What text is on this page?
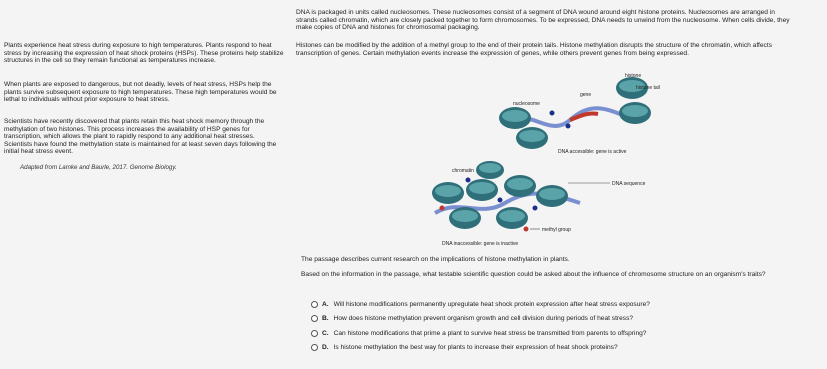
DNA is packaged in units called nucleosomes. These nucleosomes consist of a segment of DNA wound around eight histone proteins. Nucleosomes are arranged in strands called chromatin, which are closely packed together to form chromosomes. To be expressed, DNA needs to unwind from the nucleosome. When cells divide, they make copies of DNA and histones for chromosomal packaging.
Plants experience heat stress during exposure to high temperatures. Plants respond to heat stress by increasing the expression of heat shock proteins (HSPs). These proteins help stabilize structures in the cell so they remain functional as temperatures increase.
Histones can be modified by the addition of a methyl group to the end of their protein tails. Histone methylation disrupts the structure of the chromatin, which affects transcription of genes. Certain methylation events increase the expression of genes, while others prevent genes from being expressed.
When plants are exposed to dangerous, but not deadly, levels of heat stress, HSPs help the plants survive subsequent exposure to high temperatures. These high temperatures would be lethal to individuals without prior exposure to heat stress.
Scientists have recently discovered that plants retain this heat shock memory through the methylation of two histones. This process increases the availability of HSP genes for transcription, which allows the plant to rapidly respond to any additional heat stresses. Scientists have found the methylation state is maintained for at least seven days following the initial heat stress event.
Adapted from Lamke and Baurle, 2017. Genome Biology.
histone
histone tail
gene
nucleosome
DNA accessible: gene is active
chromatin
DNA sequence
methyl group
DNA inaccessible: gene is inactive
The passage describes current research on the implications of histone methylation in plants.
Based on the information in the passage, what testable scientific question could be asked about the influence of chromosome structure on an organism's traits?
A. Will histone modifications permanently upregulate heat shock protein expression after heat stress exposure?
B. How does histone methylation prevent organism growth and cell division during periods of heat stress?
C. Can histone modifications that prime a plant to survive heat stress be transmitted from parents to offspring?
D. Is histone methylation the best way for plants to increase their expression of heat shock proteins?
